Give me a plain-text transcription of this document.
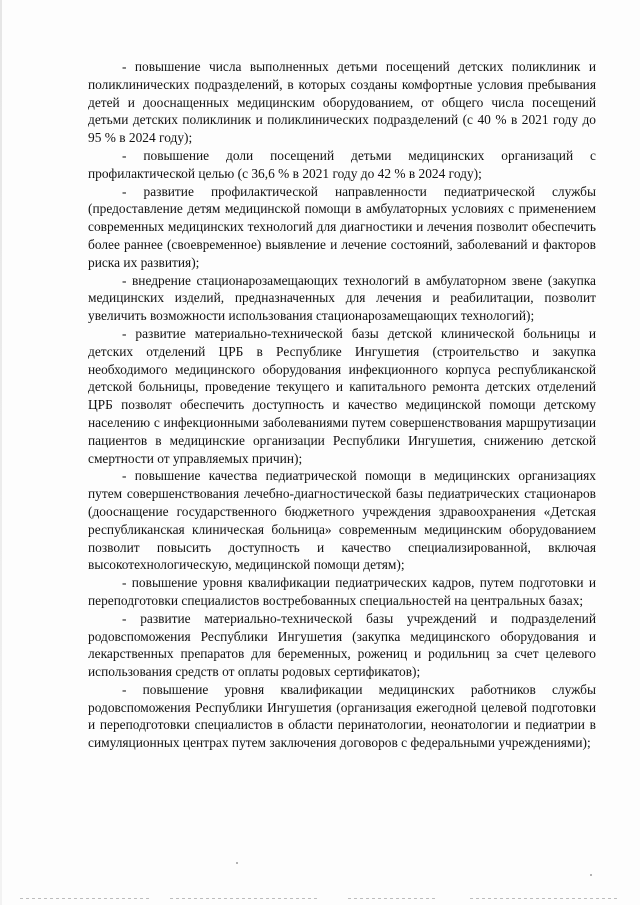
- повышение числа выполненных детьми посещений детских поликлиник и поликлинических подразделений, в которых созданы комфортные условия пребывания детей и дооснащенных медицинским оборудованием, от общего числа посещений детьми детских поликлиник и поликлинических подразделений (с 40 % в 2021 году до 95 % в 2024 году);

- повышение доли посещений детьми медицинских организаций с профилактической целью (с 36,6 % в 2021 году до 42 % в 2024 году);

- развитие профилактической направленности педиатрической службы (предоставление детям медицинской помощи в амбулаторных условиях с применением современных медицинских технологий для диагностики и лечения позволит обеспечить более раннее (своевременное) выявление и лечение состояний, заболеваний и факторов риска их развития);

- внедрение стационарозамещающих технологий в амбулаторном звене (закупка медицинских изделий, предназначенных для лечения и реабилитации, позволит увеличить возможности использования стационарозамещающих технологий);

- развитие материально-технической базы детской клинической больницы и детских отделений ЦРБ в Республике Ингушетия (строительство и закупка необходимого медицинского оборудования инфекционного корпуса республиканской детской больницы, проведение текущего и капитального ремонта детских отделений ЦРБ позволят обеспечить доступность и качество медицинской помощи детскому населению с инфекционными заболеваниями путем совершенствования маршрутизации пациентов в медицинские организации Республики Ингушетия, снижению детской смертности от управляемых причин);

- повышение качества педиатрической помощи в медицинских организациях путем совершенствования лечебно-диагностической базы педиатрических стационаров (дооснащение государственного бюджетного учреждения здравоохранения «Детская республиканская клиническая больница» современным медицинским оборудованием позволит повысить доступность и качество специализированной, включая высокотехнологическую, медицинской помощи детям);

- повышение уровня квалификации педиатрических кадров, путем подготовки и переподготовки специалистов востребованных специальностей на центральных базах;

- развитие материально-технической базы учреждений и подразделений родовспоможения Республики Ингушетия (закупка медицинского оборудования и лекарственных препаратов для беременных, рожениц и родильниц за счет целевого использования средств от оплаты родовых сертификатов);

- повышение уровня квалификации медицинских работников службы родовспоможения Республики Ингушетия (организация ежегодной целевой подготовки и переподготовки специалистов в области перинатологии, неонатологии и педиатрии в симуляционных центрах путем заключения договоров с федеральными учреждениями);
